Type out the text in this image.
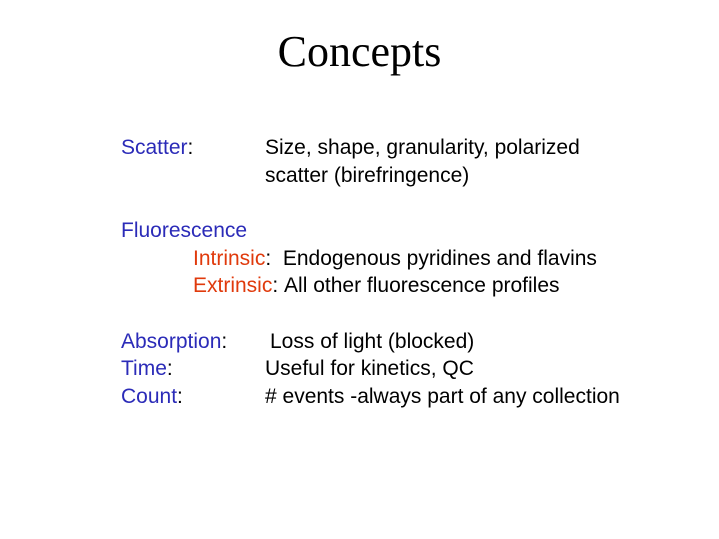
Concepts
Scatter:	Size, shape, granularity, polarized
scatter (birefringence)
Fluorescence
Intrinsic: Endogenous pyridines and flavins
Extrinsic: All other fluorescence profiles
Absorption: Loss of light (blocked)
Time:	Useful for kinetics, QC
Count:	# events -always part of any collection
